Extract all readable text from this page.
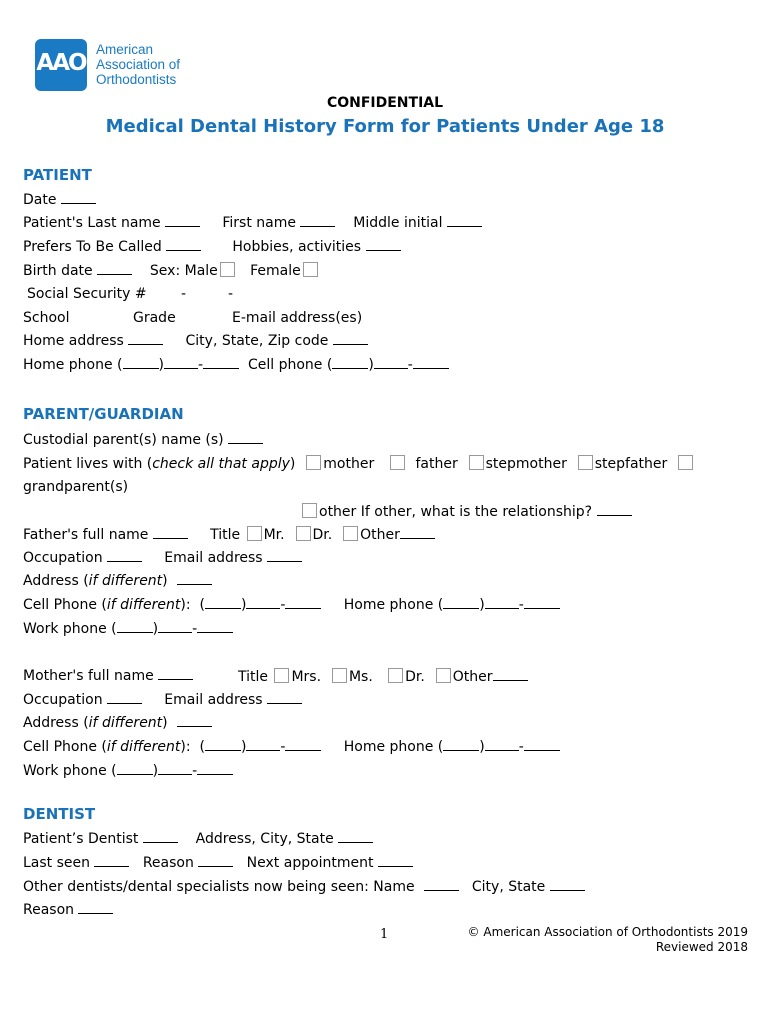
AAO
American
Association of
Orthodontists
CONFIDENTIAL
Medical Dental History Form for Patients Under Age 18
PATIENT
Date
Patient's Last name	First name	Middle initial
Prefers To Be Called	Hobbies, activities
Birth date	Sex: Male Female
Social Security # -	-
School	Grade	E-mail address(es)
Home address	City, State, Zip code
Home phone (	) -	Cell phone (	) -
PARENT/GUARDIAN
Custodial parent(s) name (s)
Patient lives with (check all that apply)  mother	father stepmother stepfather
grandparent(s)
other If other, what is the relationship?
Father's full name	Title Mr. Dr. Other
Occupation	Email address
Address (if different)
Cell Phone (if different):  (	) -	Home phone (	) -
Work phone (	) -
Mother's full name	Title Mrs. Ms. Dr. Other
Occupation	Email address
Address (if different)
Cell Phone (if different):  (	) -	Home phone (	) -
Work phone (	) -
DENTIST
Patient’s Dentist	Address, City, State
Last seen	Reason	Next appointment
Other dentists/dental specialists now being seen: Name	City, State
Reason
1	© American Association of Orthodontists 2019
Reviewed 2018
